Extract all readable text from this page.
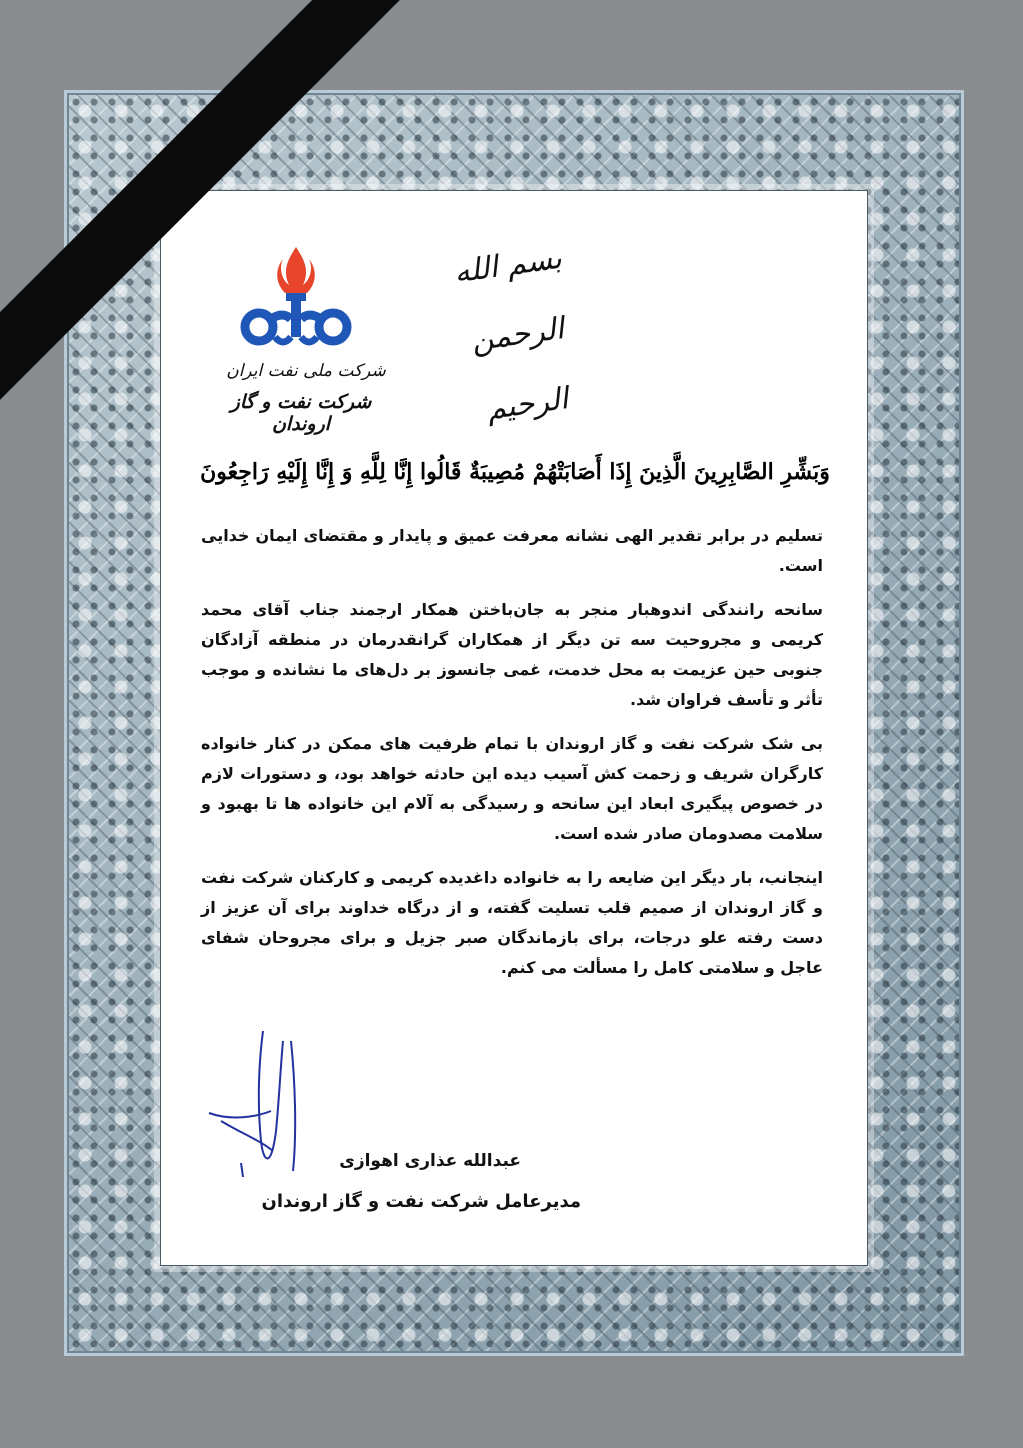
بسم الله الرحمن الرحیم
شرکت ملی نفت ایران
شرکت نفت و گاز اروندان
وَبَشِّرِ الصَّابِرِينَ الَّذِينَ إِذَا أَصَابَتْهُمْ مُصِيبَةٌ قَالُوا إِنَّا لِلَّهِ وَ إِنَّا إِلَيْهِ رَاجِعُونَ

تسلیم در برابر تقدیر الهی نشانه معرفت عمیق و پایدار و مقتضای ایمان خدایی است.

سانحه رانندگی اندوهبار منجر به جان‌باختن همکار ارجمند جناب آقای محمد کریمی و مجروحیت سه تن دیگر از همکاران گرانقدرمان در منطقه آزادگان جنوبی حین عزیمت به محل خدمت، غمی جانسوز بر دل‌های ما نشانده و موجب تأثر و تأسف فراوان شد.

بی شک شرکت نفت و گاز اروندان با تمام ظرفیت های ممکن در کنار خانواده کارگران شریف و زحمت کش آسیب دیده این حادثه خواهد بود، و دستورات لازم در خصوص پیگیری ابعاد این سانحه و رسیدگی به آلام این خانواده ها تا بهبود و سلامت مصدومان صادر شده است.

اینجانب، بار دیگر این ضایعه را به خانواده داغدیده کریمی و کارکنان شرکت نفت و گاز اروندان از صمیم قلب تسلیت گفته، و از درگاه خداوند برای آن عزیز از دست رفته علو درجات، برای بازماندگان صبر جزیل و برای مجروحان شفای عاجل و سلامتی کامل را مسألت می کنم.

عبدالله عذاری اهوازی
مدیرعامل شرکت نفت و گاز اروندان
